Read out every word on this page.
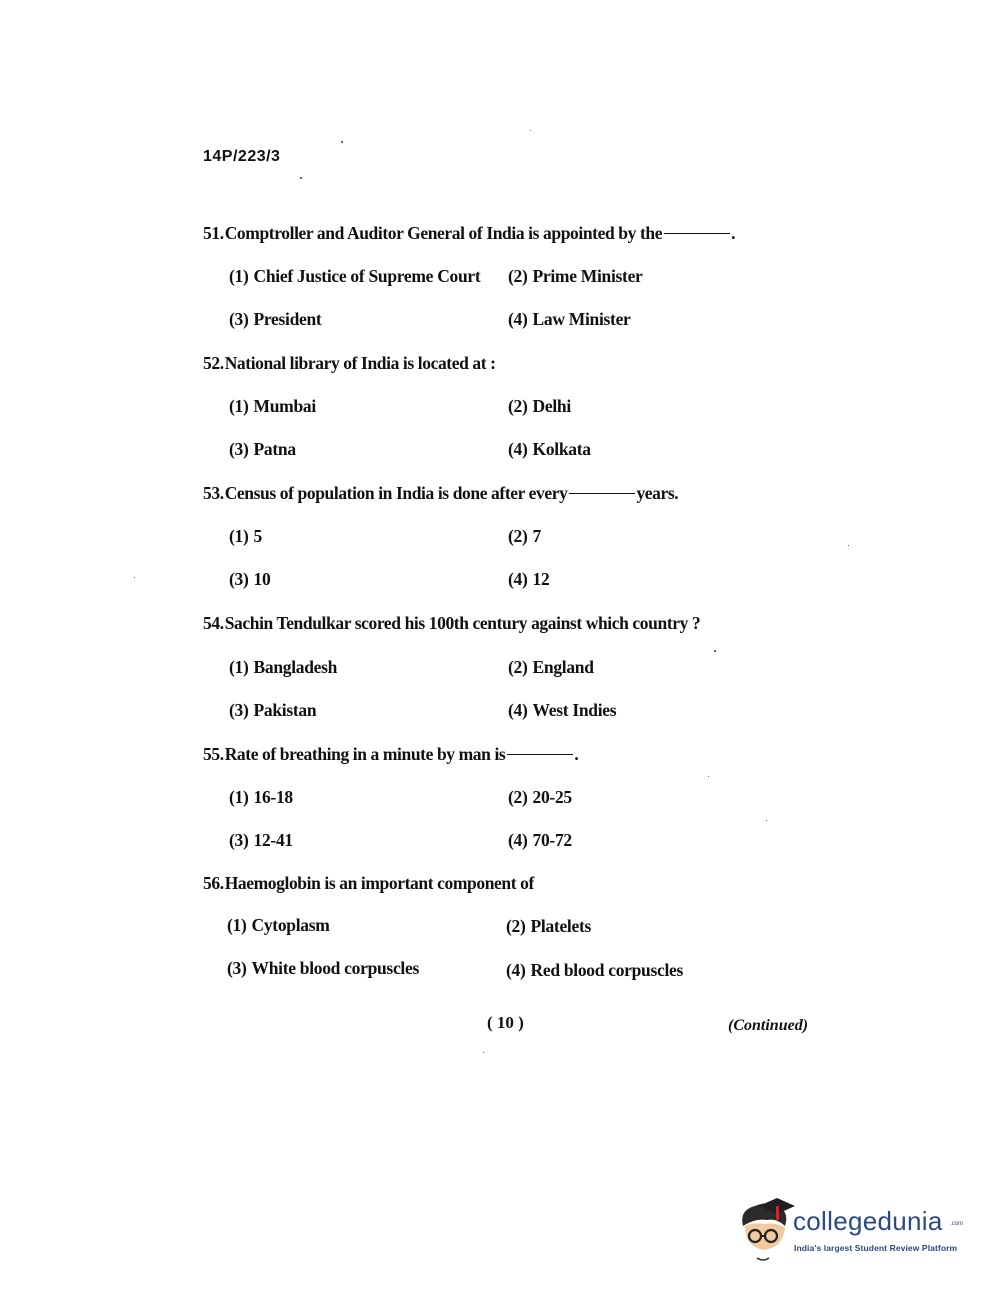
14P/223/3
51.Comptroller and Auditor General of India is appointed by the	.
(1) Chief Justice of Supreme Court (2) Prime Minister
(3) President	(4) Law Minister
52.National library of India is located at :
(1) Mumbai	(2) Delhi
(3) Patna	(4) Kolkata
53.Census of population in India is done after every	years.
(1) 5	(2) 7
(3) 10	(4) 12
54.Sachin Tendulkar scored his 100th century against which country ?
(1) Bangladesh	(2) England
(3) Pakistan	(4) West Indies
55.Rate of breathing in a minute by man is	.
(1) 16-18	(2) 20-25
(3) 12-41	(4) 70-72
56.Haemoglobin is an important component of
(1) Cytoplasm	(2) Platelets
(3) White blood corpuscles	(4) Red blood corpuscles
( 10 )	(Continued)
collegedunia .com
India's largest Student Review Platform
